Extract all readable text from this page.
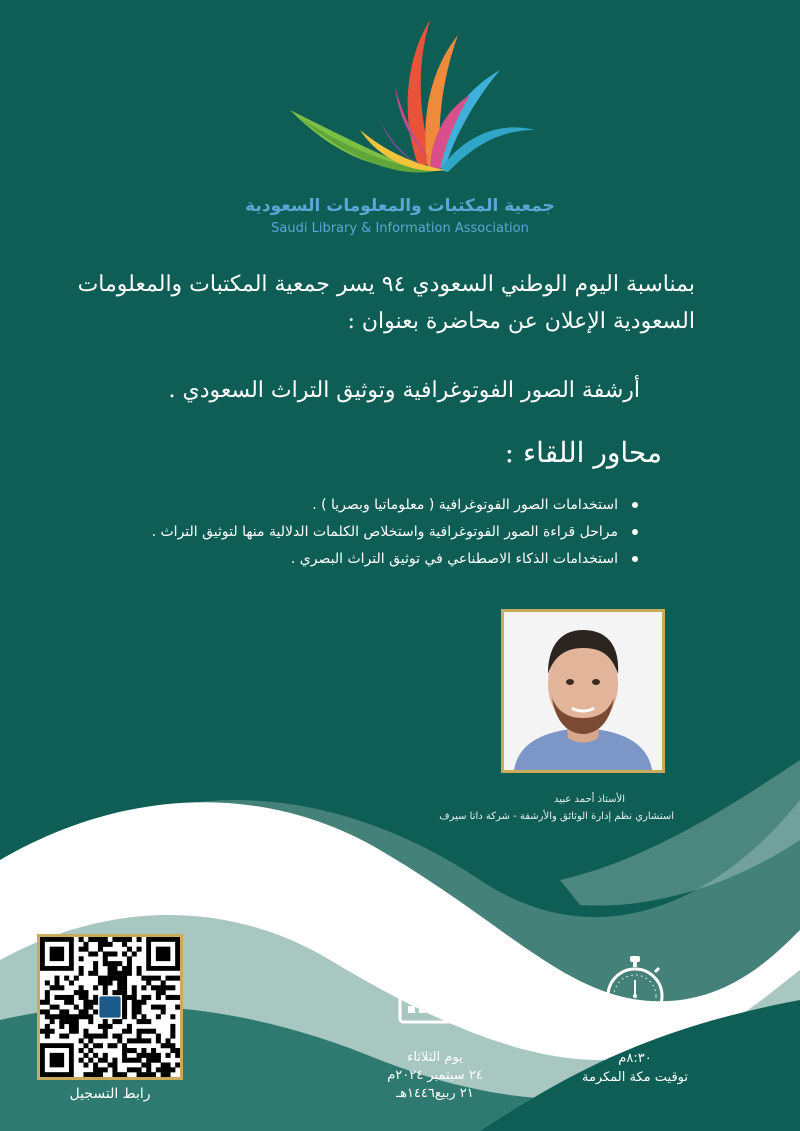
جمعية المكتبات والمعلومات السعودية
Saudi Library & Information Association
بمناسبة اليوم الوطني السعودي ٩٤ يسر جمعية المكتبات والمعلومات
السعودية الإعلان عن محاضرة بعنوان :
أرشفة الصور الفوتوغرافية وتوثيق التراث السعودي .
محاور اللقاء :
استخدامات الصور الفوتوغرافية ( معلوماتيا وبصريا ) .
مراحل قراءة الصور الفوتوغرافية واستخلاص الكلمات الدلالية منها لتوثيق التراث .
استخدامات الذكاء الاصطناعي في توثيق التراث البصري .
الأستاذ أحمد عبيد
استشاري نظم إدارة الوثائق والأرشفة - شركة داتا سيرف
رابط التسجيل
يوم الثلاثاء
٢٤ سبتمبر ٢٠٢٤م
٢١ ربيع١٤٤٦هـ
٨:٣٠م
توقيت مكة المكرمة
